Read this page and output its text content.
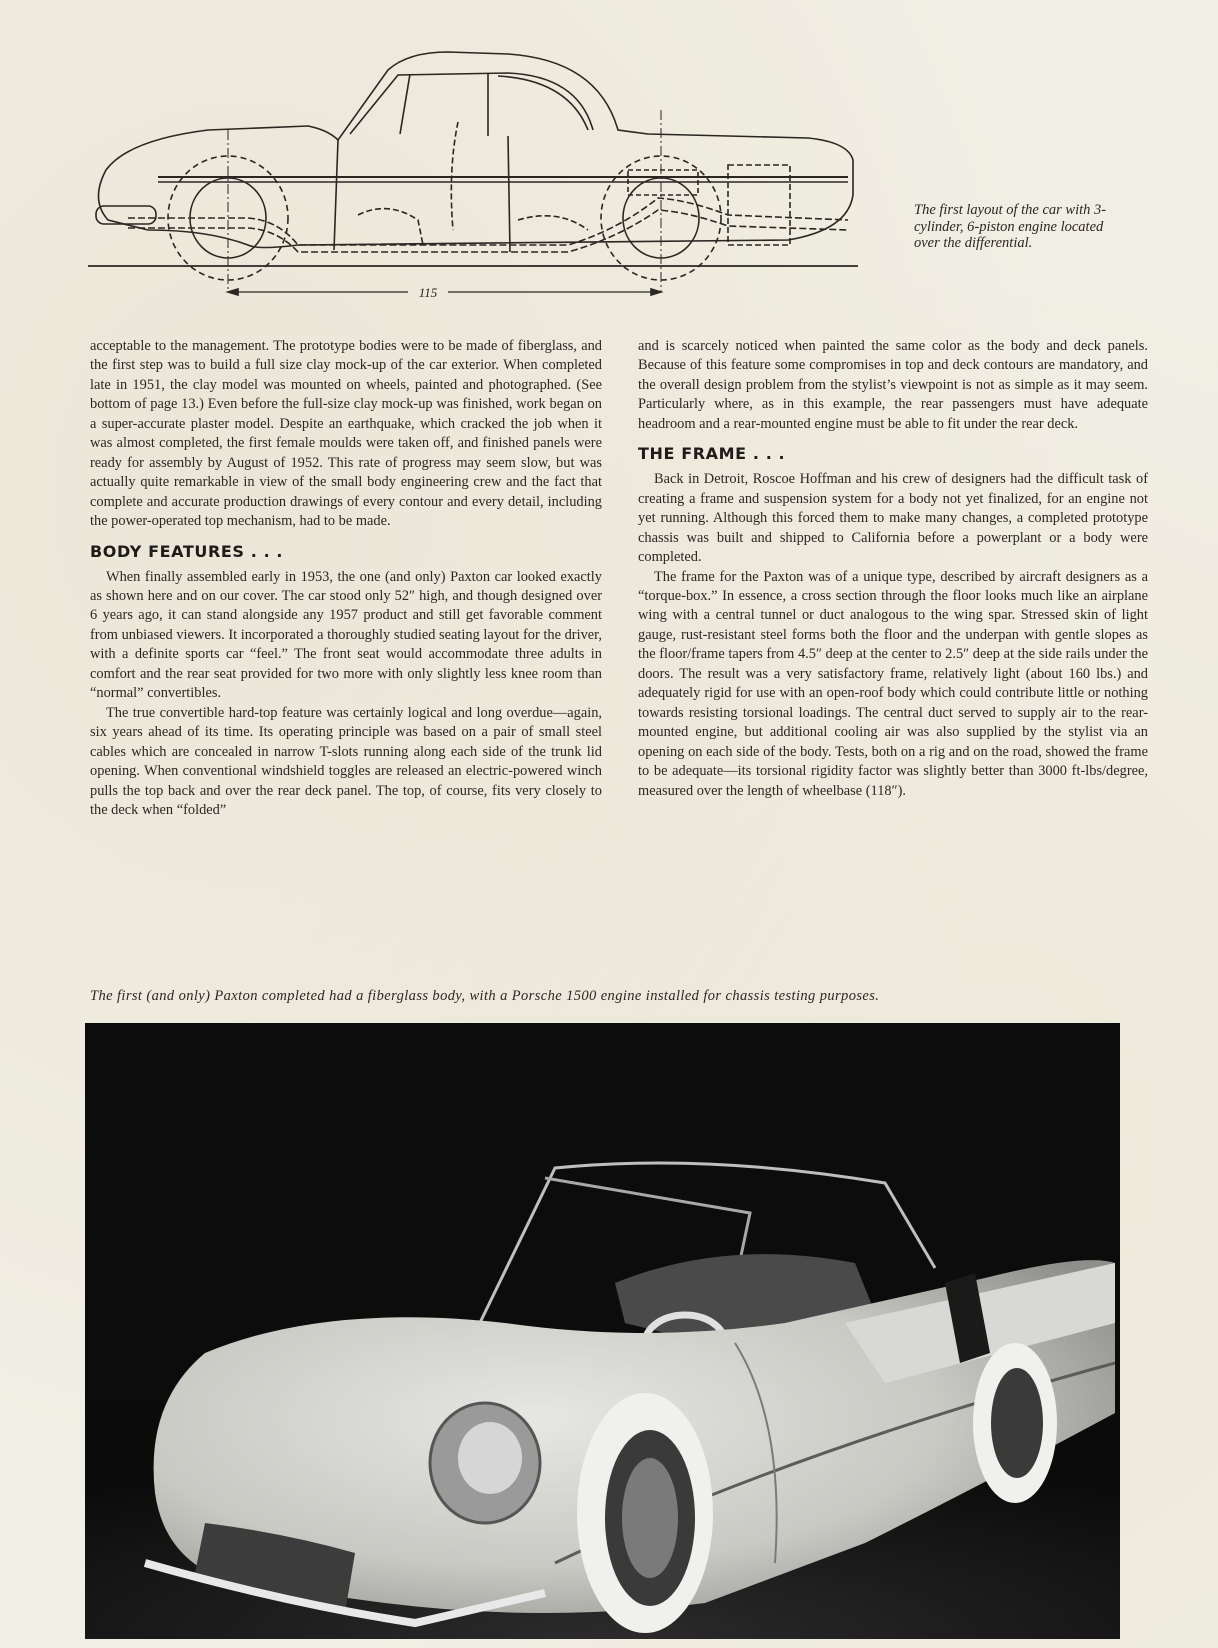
115
The first layout of the car with 3-cylinder, 6-piston engine located over the differential.

acceptable to the management. The prototype bodies were to be made of fiberglass, and the first step was to build a full size clay mock-up of the car exterior. When completed late in 1951, the clay model was mounted on wheels, painted and photographed. (See bottom of page 13.) Even before the full-size clay mock-up was finished, work began on a super-accurate plaster model. Despite an earthquake, which cracked the job when it was almost completed, the first female moulds were taken off, and finished panels were ready for assembly by August of 1952. This rate of progress may seem slow, but was actually quite remarkable in view of the small body engineering crew and the fact that complete and accurate production drawings of every contour and every detail, including the power-operated top mechanism, had to be made.

BODY FEATURES . . .

When finally assembled early in 1953, the one (and only) Paxton car looked exactly as shown here and on our cover. The car stood only 52″ high, and though designed over 6 years ago, it can stand alongside any 1957 product and still get favorable comment from unbiased viewers. It incorporated a thoroughly studied seating layout for the driver, with a definite sports car “feel.” The front seat would accommodate three adults in comfort and the rear seat provided for two more with only slightly less knee room than “normal” convertibles.

The true convertible hard-top feature was certainly logical and long overdue—again, six years ahead of its time. Its operating principle was based on a pair of small steel cables which are concealed in narrow T-slots running along each side of the trunk lid opening. When conventional windshield toggles are released an electric-powered winch pulls the top back and over the rear deck panel. The top, of course, fits very closely to the deck when “folded”

and is scarcely noticed when painted the same color as the body and deck panels. Because of this feature some compromises in top and deck contours are mandatory, and the overall design problem from the stylist’s viewpoint is not as simple as it may seem. Particularly where, as in this example, the rear passengers must have adequate headroom and a rear-mounted engine must be able to fit under the rear deck.

THE FRAME . . .

Back in Detroit, Roscoe Hoffman and his crew of designers had the difficult task of creating a frame and suspension system for a body not yet finalized, for an engine not yet running. Although this forced them to make many changes, a completed prototype chassis was built and shipped to California before a powerplant or a body were completed.

The frame for the Paxton was of a unique type, described by aircraft designers as a “torque-box.” In essence, a cross section through the floor looks much like an airplane wing with a central tunnel or duct analogous to the wing spar. Stressed skin of light gauge, rust-resistant steel forms both the floor and the underpan with gentle slopes as the floor/frame tapers from 4.5″ deep at the center to 2.5″ deep at the side rails under the doors. The result was a very satisfactory frame, relatively light (about 160 lbs.) and adequately rigid for use with an open-roof body which could contribute little or nothing towards resisting torsional loadings. The central duct served to supply air to the rear-mounted engine, but additional cooling air was also supplied by the stylist via an opening on each side of the body. Tests, both on a rig and on the road, showed the frame to be adequate—its torsional rigidity factor was slightly better than 3000 ft-lbs/degree, measured over the length of wheelbase (118″).

The first (and only) Paxton completed had a fiberglass body, with a Porsche 1500 engine installed for chassis testing purposes.
